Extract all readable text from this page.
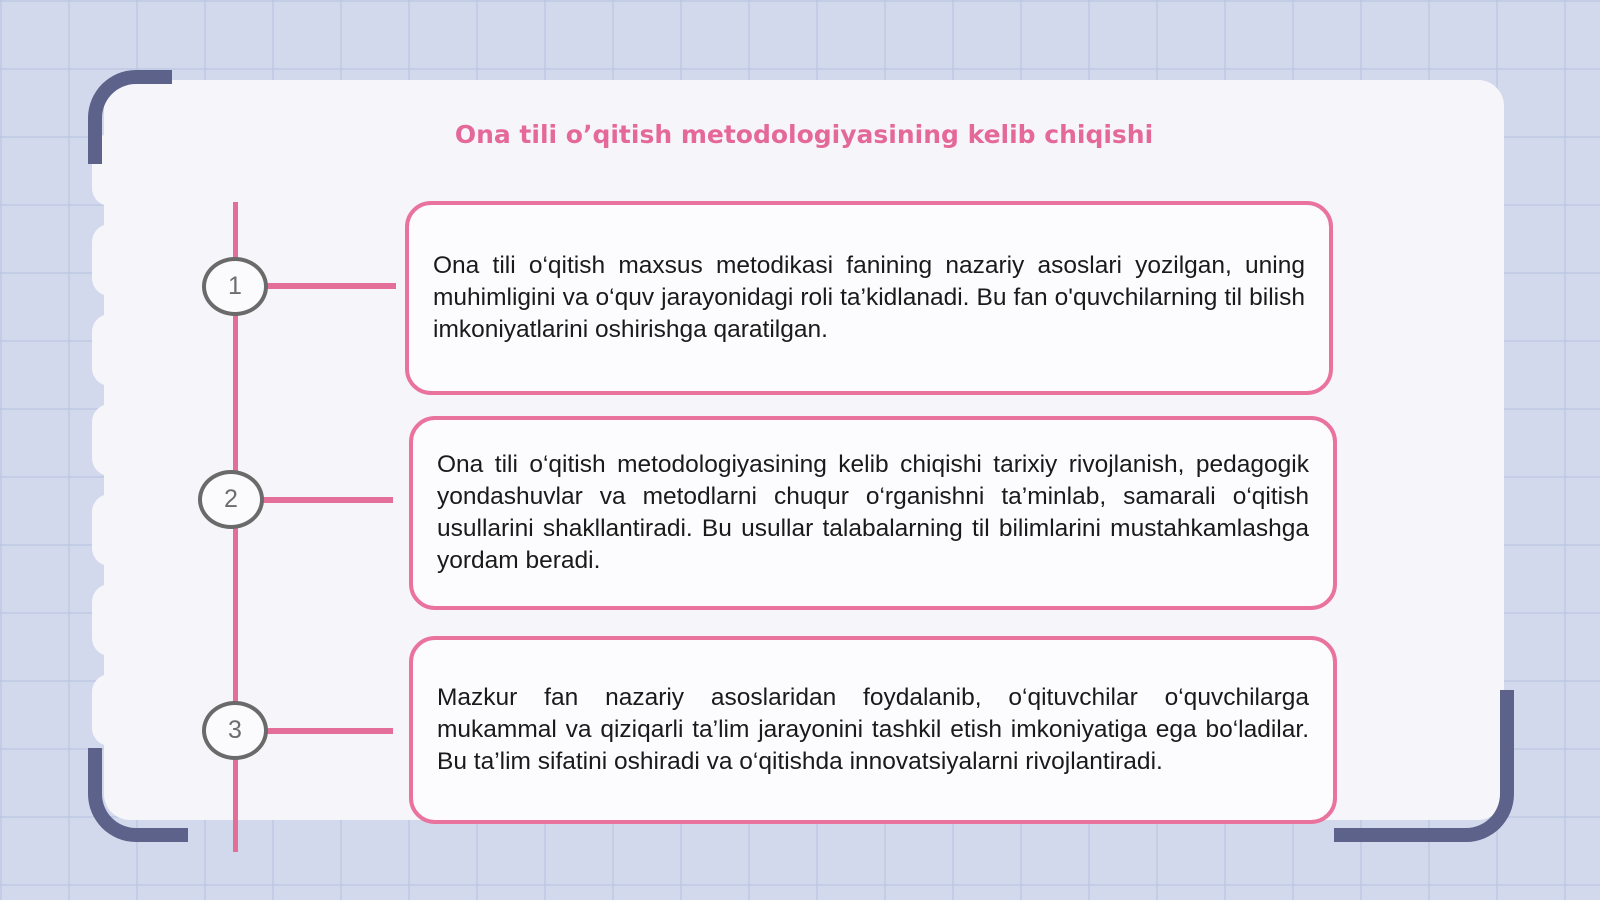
Ona tili oʼqitish metodologiyasining kelib chiqishi
1
2
3

Ona tili o‘qitish maxsus metodikasi fanining nazariy asoslari yozilgan, uning muhimligini va o‘quv jarayonidagi roli ta’kidlanadi. Bu fan o'quvchilarning til bilish imkoniyatlarini oshirishga qaratilgan.

Ona tili o‘qitish metodologiyasining kelib chiqishi tarixiy rivojlanish, pedagogik yondashuvlar va metodlarni chuqur o‘rganishni ta’minlab, samarali o‘qitish usullarini shakllantiradi. Bu usullar talabalarning til bilimlarini mustahkamlashga yordam beradi.

Mazkur fan nazariy asoslaridan foydalanib, o‘qituvchilar o‘quvchilarga mukammal va qiziqarli ta’lim jarayonini tashkil etish imkoniyatiga ega bo‘ladilar. Bu ta’lim sifatini oshiradi va o‘qitishda innovatsiyalarni rivojlantiradi.
